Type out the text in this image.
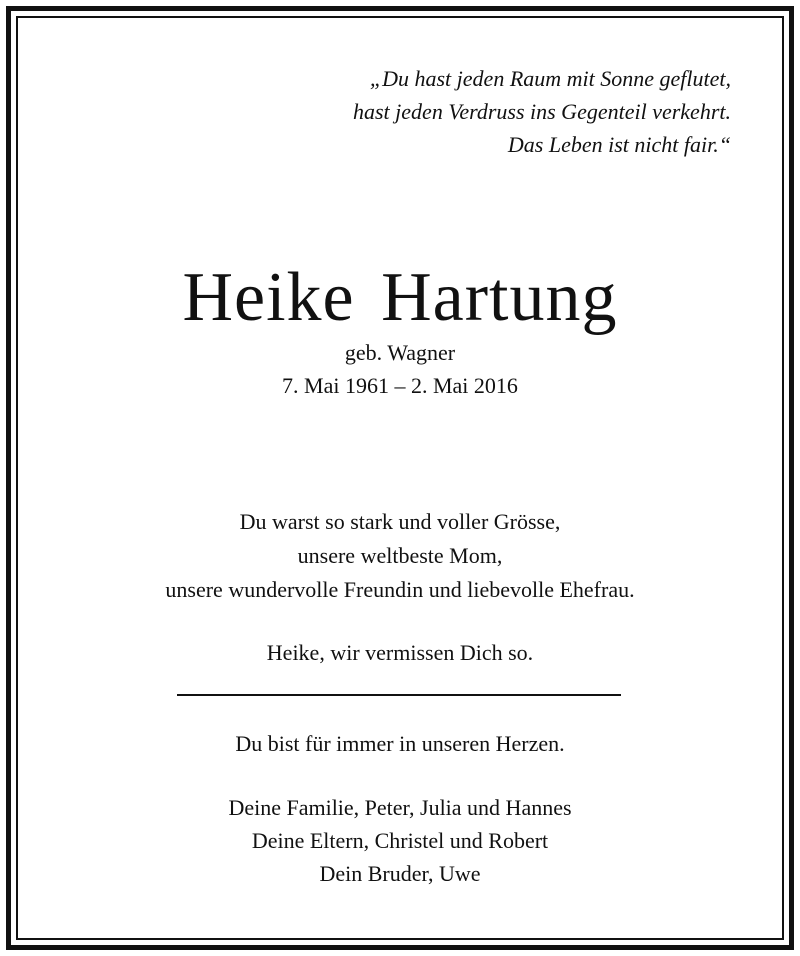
„Du hast jeden Raum mit Sonne geflutet,
hast jeden Verdruss ins Gegenteil verkehrt.
Das Leben ist nicht fair.“
Heike Hartung
geb. Wagner
7. Mai 1961 – 2. Mai 2016
Du warst so stark und voller Grösse,
unsere weltbeste Mom,
unsere wundervolle Freundin und liebevolle Ehefrau.
Heike, wir vermissen Dich so.
Du bist für immer in unseren Herzen.
Deine Familie, Peter, Julia und Hannes
Deine Eltern, Christel und Robert
Dein Bruder, Uwe
